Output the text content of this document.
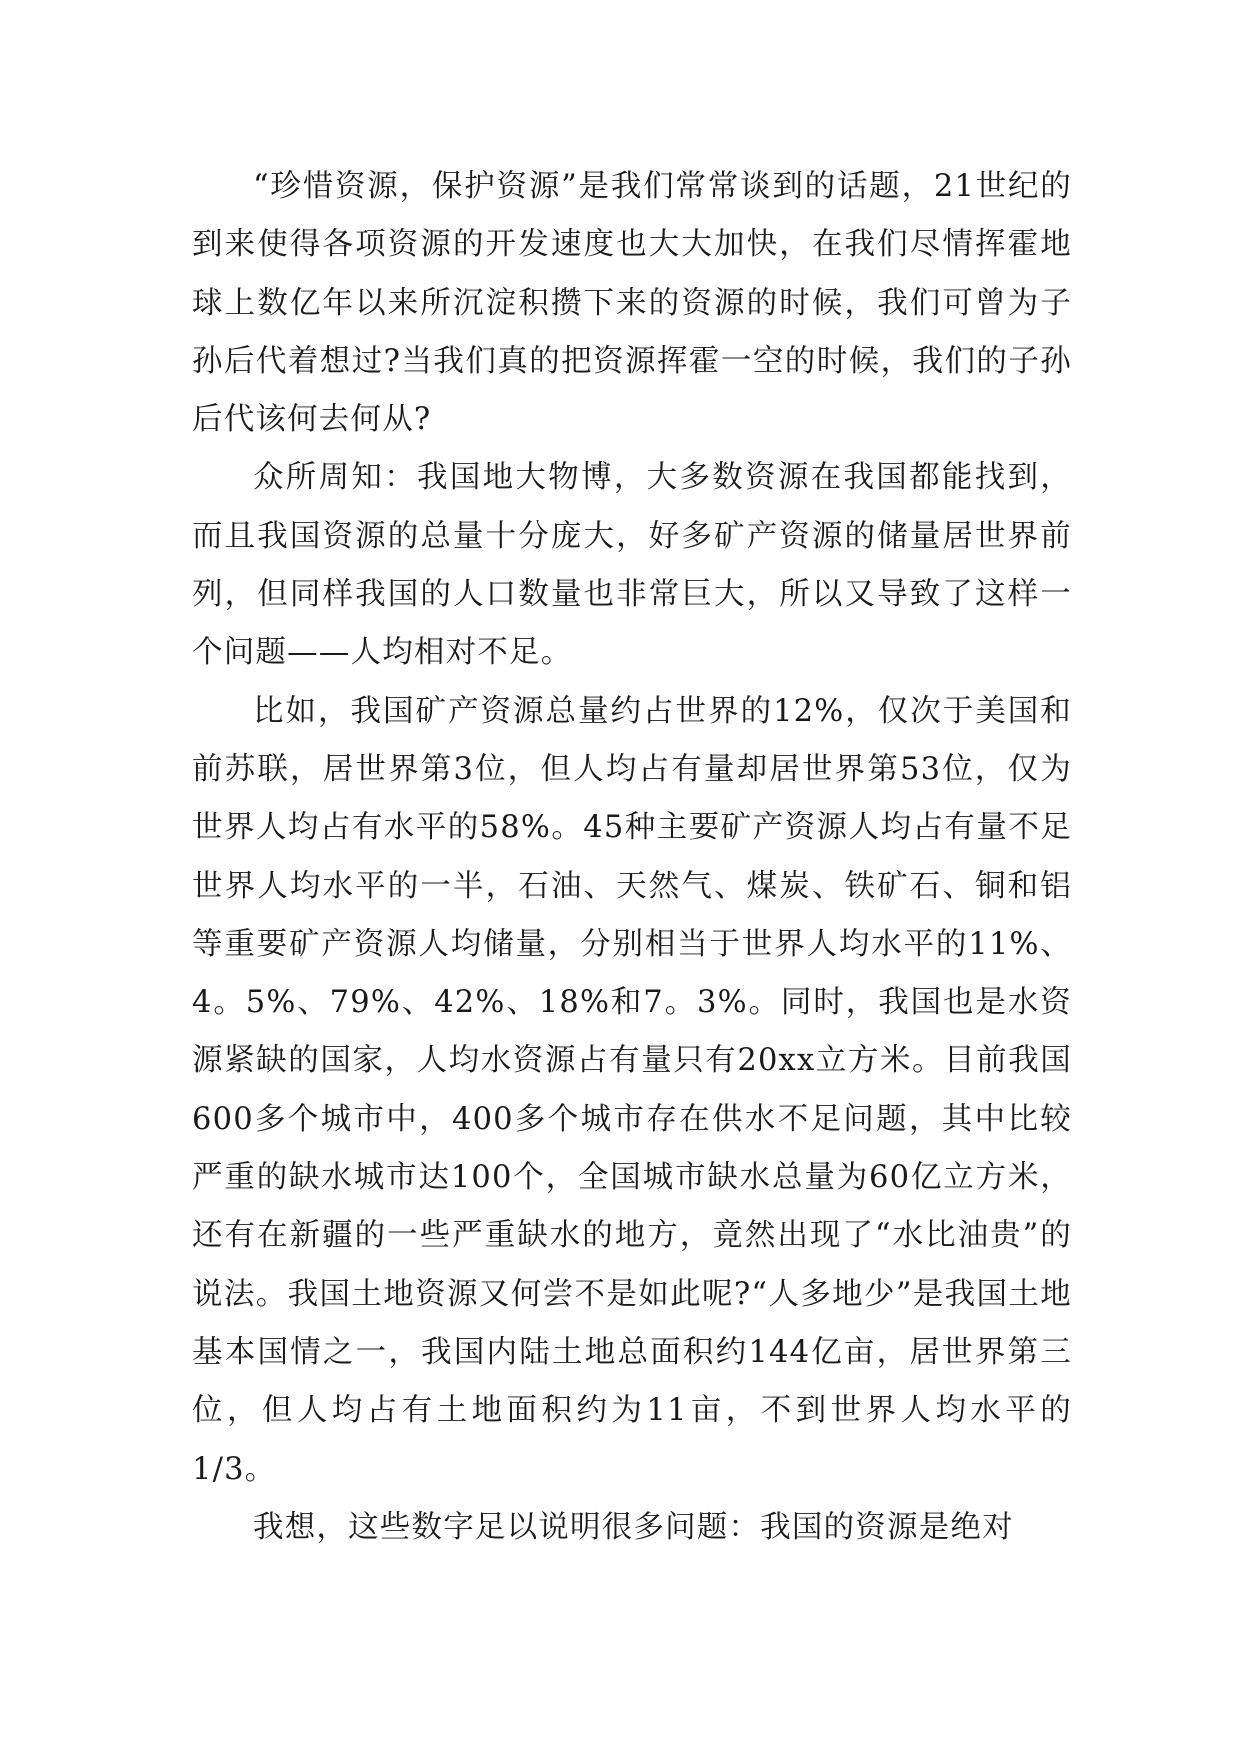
“珍惜资源，保护资源”是我们常常谈到的话题，21世纪的到来使得各项资源的开发速度也大大加快，在我们尽情挥霍地球上数亿年以来所沉淀积攒下来的资源的时候，我们可曾为子孙后代着想过?当我们真的把资源挥霍一空的时候，我们的子孙后代该何去何从?

众所周知：我国地大物博，大多数资源在我国都能找到，而且我国资源的总量十分庞大，好多矿产资源的储量居世界前列，但同样我国的人口数量也非常巨大，所以又导致了这样一个问题——人均相对不足。

比如，我国矿产资源总量约占世界的12%，仅次于美国和前苏联，居世界第3位，但人均占有量却居世界第53位，仅为世界人均占有水平的58%。45种主要矿产资源人均占有量不足世界人均水平的一半，石油、天然气、煤炭、铁矿石、铜和铝等重要矿产资源人均储量，分别相当于世界人均水平的11%、4。5%、79%、42%、18%和7。3%。同时，我国也是水资源紧缺的国家，人均水资源占有量只有20xx立方米。目前我国600多个城市中，400多个城市存在供水不足问题，其中比较严重的缺水城市达100个，全国城市缺水总量为60亿立方米，还有在新疆的一些严重缺水的地方，竟然出现了“水比油贵”的说法。我国土地资源又何尝不是如此呢?“人多地少”是我国土地基本国情之一，我国内陆土地总面积约144亿亩，居世界第三位，但人均占有土地面积约为11亩，不到世界人均水平的1/3。

我想，这些数字足以说明很多问题：我国的资源是绝对
